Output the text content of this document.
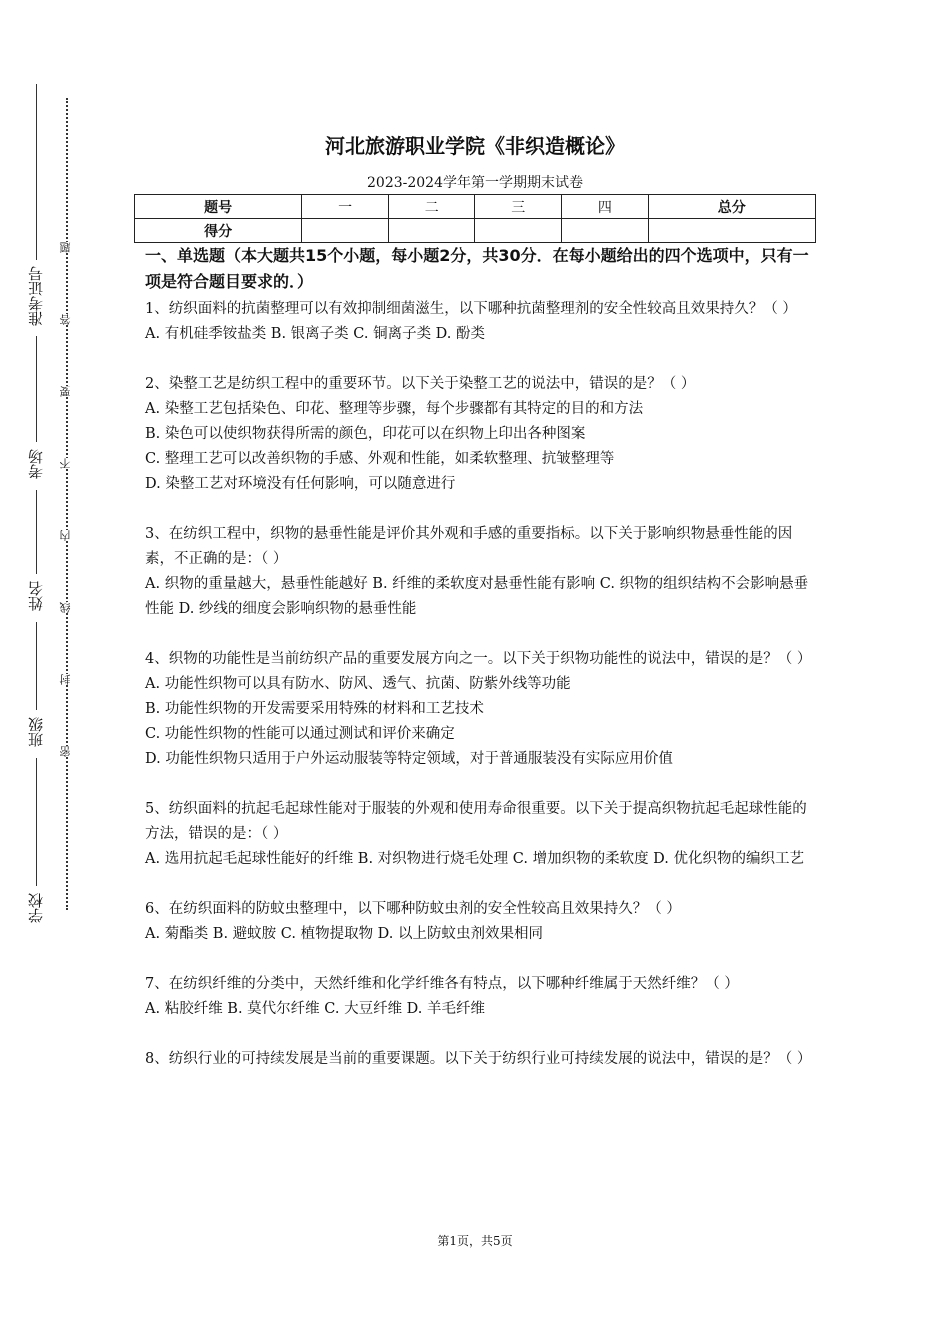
准考证号
考场
姓名
班级
学校
题
答
要
不
内
线
封
密
河北旅游职业学院《非织造概论》
2023-2024学年第一学期期末试卷
题号	一	二	三	四	总分
得分					
一、单选题（本大题共15个小题，每小题2分，共30分．在每小题给出的四个选项中，只有一项是符合题目要求的．）

1、纺织面料的抗菌整理可以有效抑制细菌滋生，以下哪种抗菌整理剂的安全性较高且效果持久？（ ）

A. 有机硅季铵盐类 B. 银离子类 C. 铜离子类 D. 酚类

2、染整工艺是纺织工程中的重要环节。以下关于染整工艺的说法中，错误的是？（ ）

A. 染整工艺包括染色、印花、整理等步骤，每个步骤都有其特定的目的和方法

B. 染色可以使织物获得所需的颜色，印花可以在织物上印出各种图案

C. 整理工艺可以改善织物的手感、外观和性能，如柔软整理、抗皱整理等

D. 染整工艺对环境没有任何影响，可以随意进行

3、在纺织工程中，织物的悬垂性能是评价其外观和手感的重要指标。以下关于影响织物悬垂性能的因素，不正确的是：（ ）

A. 织物的重量越大，悬垂性能越好 B. 纤维的柔软度对悬垂性能有影响 C. 织物的组织结构不会影响悬垂性能 D. 纱线的细度会影响织物的悬垂性能

4、织物的功能性是当前纺织产品的重要发展方向之一。以下关于织物功能性的说法中，错误的是？（ ）

A. 功能性织物可以具有防水、防风、透气、抗菌、防紫外线等功能

B. 功能性织物的开发需要采用特殊的材料和工艺技术

C. 功能性织物的性能可以通过测试和评价来确定

D. 功能性织物只适用于户外运动服装等特定领域，对于普通服装没有实际应用价值

5、纺织面料的抗起毛起球性能对于服装的外观和使用寿命很重要。以下关于提高织物抗起毛起球性能的方法，错误的是：（ ）

A. 选用抗起毛起球性能好的纤维 B. 对织物进行烧毛处理 C. 增加织物的柔软度 D. 优化织物的编织工艺

6、在纺织面料的防蚊虫整理中，以下哪种防蚊虫剂的安全性较高且效果持久？（ ）

A. 菊酯类 B. 避蚊胺 C. 植物提取物 D. 以上防蚊虫剂效果相同

7、在纺织纤维的分类中，天然纤维和化学纤维各有特点，以下哪种纤维属于天然纤维？（ ）

A. 粘胶纤维 B. 莫代尔纤维 C. 大豆纤维 D. 羊毛纤维

8、纺织行业的可持续发展是当前的重要课题。以下关于纺织行业可持续发展的说法中，错误的是？（ ）

第1页，共5页
